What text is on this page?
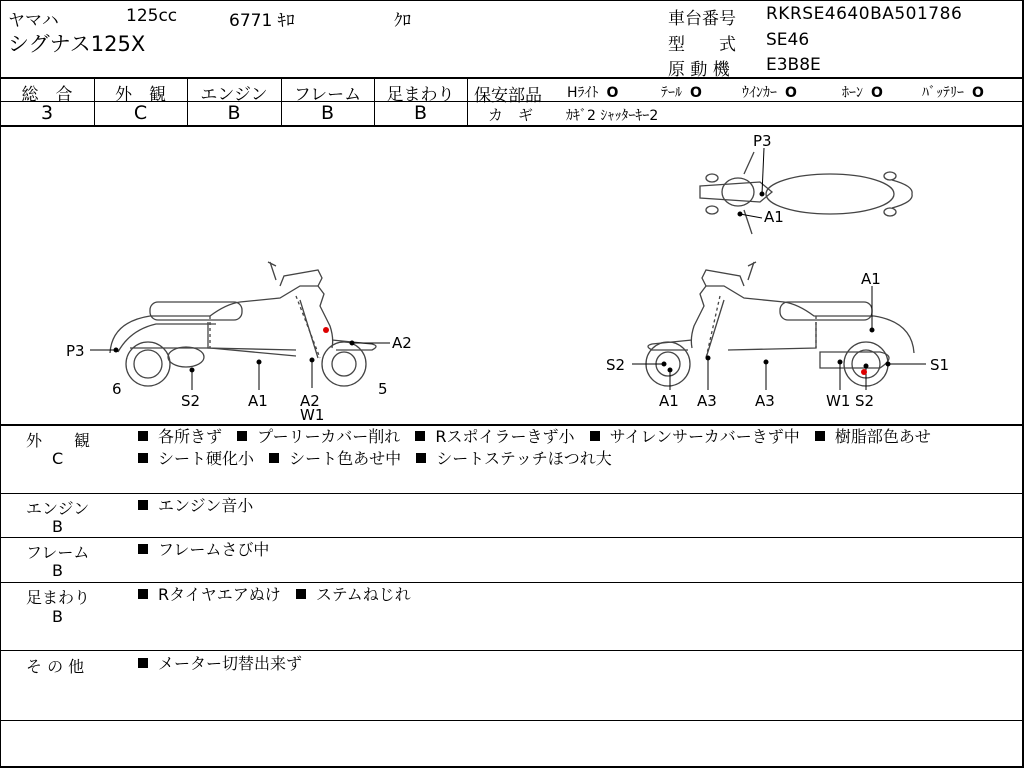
ヤマハ	125cc	6771 ｷﾛ	ｸﾛ
シグナス125X
車台番号 RKRSE4640BA501786
型　　式 SE46
原 動 機 E3B8E
総　合	外　観	エンジン	フレーム	足まわり
3	C	B	B	B
保安部品 Hﾗｲﾄ O	ﾃｰﾙ O	ｳｲﾝｶｰ O	ﾎｰﾝ O	ﾊﾞｯﾃﾘｰ O
カ　ギ ｶｷﾞ2 ｼｬｯﾀｰｷｰ2
P3	A2
6	5
S2	A1 A2
W1
S2
A1 A3	A3	W1 S2
S1
A1
P3
A1
外　　観
C
各所きず プーリーカバー削れ Rスポイラーきず小 サイレンサーカバーきず中 樹脂部色あせ
シート硬化小 シート色あせ中 シートステッチほつれ大
エンジン
B
エンジン音小
フレーム
B
フレームさび中
足まわり
B
Rタイヤエアぬけ ステムねじれ
そ の 他	メーター切替出来ず
